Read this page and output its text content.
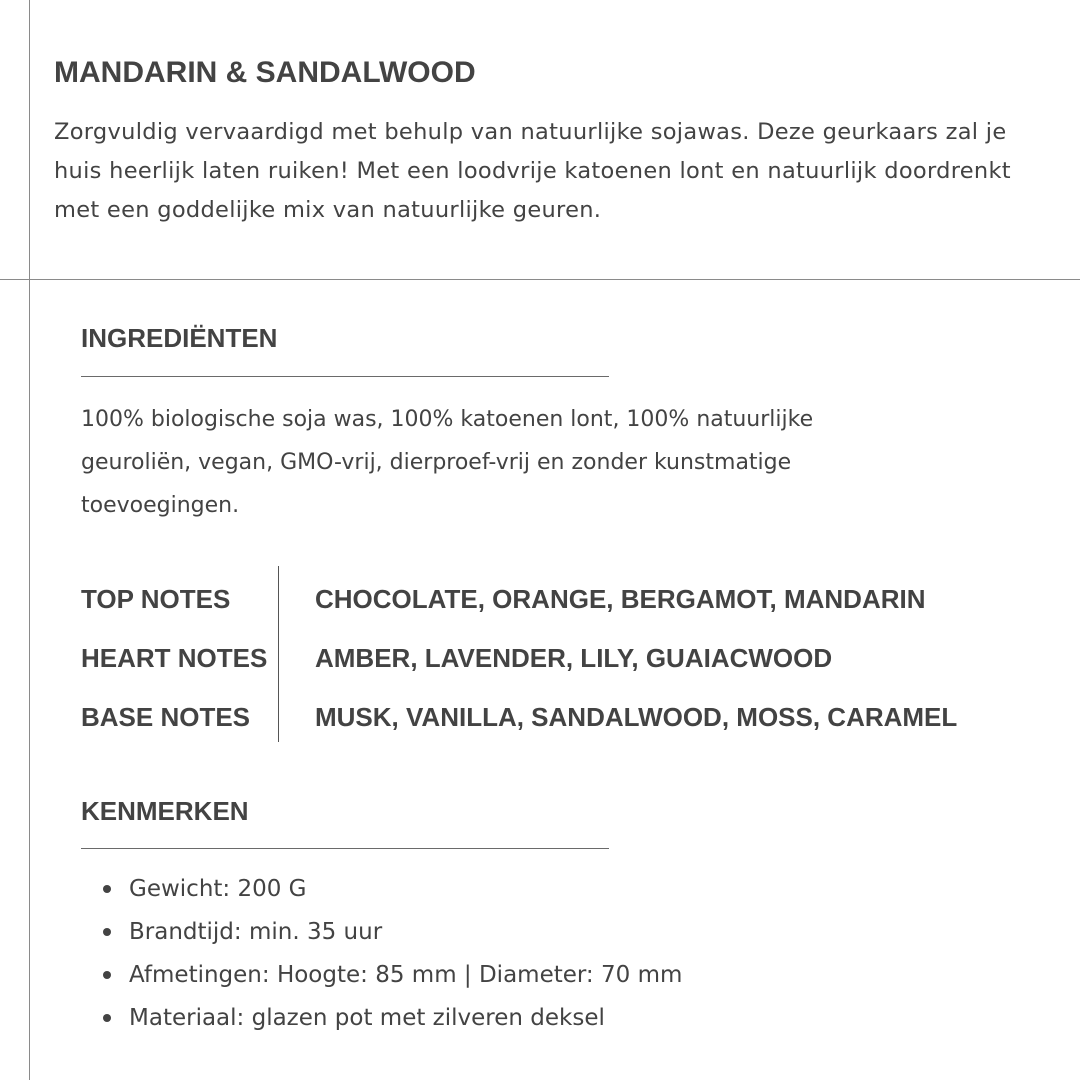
MANDARIN & SANDALWOOD

Zorgvuldig vervaardigd met behulp van natuurlijke sojawas. Deze geurkaars zal je huis heerlijk laten ruiken! Met een loodvrije katoenen lont en natuurlijk doordrenkt met een goddelijke mix van natuurlijke geuren.

INGREDIËNTEN

100% biologische soja was, 100% katoenen lont, 100% natuurlijke geuroliën, vegan, GMO-vrij, dierproef-vrij en zonder kunstmatige toevoegingen.

TOP NOTES	CHOCOLATE, ORANGE, BERGAMOT, MANDARIN
HEART NOTES AMBER, LAVENDER, LILY, GUAIACWOOD
BASE NOTES MUSK, VANILLA, SANDALWOOD, MOSS, CARAMEL
KENMERKEN
Gewicht: 200 G
Brandtijd: min. 35 uur
Afmetingen: Hoogte: 85 mm | Diameter: 70 mm
Materiaal: glazen pot met zilveren deksel
